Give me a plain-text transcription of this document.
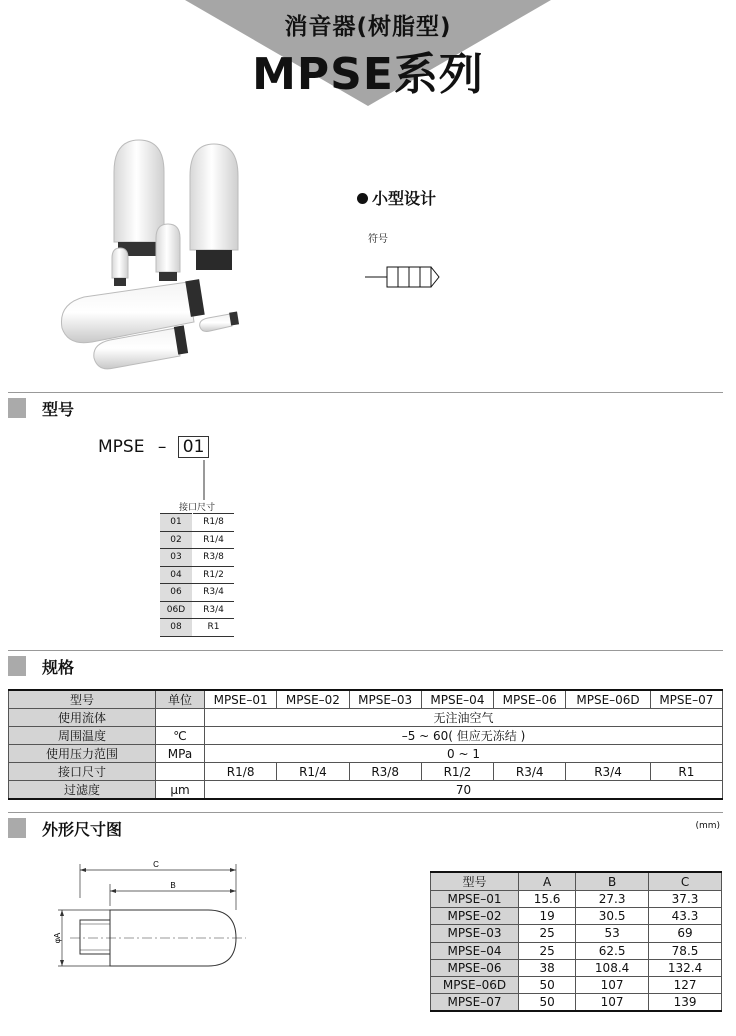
消音器(树脂型)
MPSE系列
小型设计
符号
型号
MPSE – 01
接口尺寸
01	R1/8
02	R1/4
03	R3/8
04	R1/2
06	R3/4
06D	R3/4
08	R1
规格
型号	单位	MPSE–01	MPSE–02	MPSE–03	MPSE–04	MPSE–06	MPSE–06D	MPSE–07
使用流体		无注油空气						
周围温度	℃	–5 ~ 60( 但应无冻结 )						
使用压力范围	MPa	0 ~ 1						
接口尺寸		R1/8	R1/4	R3/8	R1/2	R3/4	R3/4	R1
过滤度	μm	70						
外形尺寸图	(mm)
C
B
φA
型号	A	B	C
MPSE–01	15.6	27.3	37.3
MPSE–02	19	30.5	43.3
MPSE–03	25	53	69
MPSE–04	25	62.5	78.5
MPSE–06	38	108.4	132.4
MPSE–06D	50	107	127
MPSE–07	50	107	139
